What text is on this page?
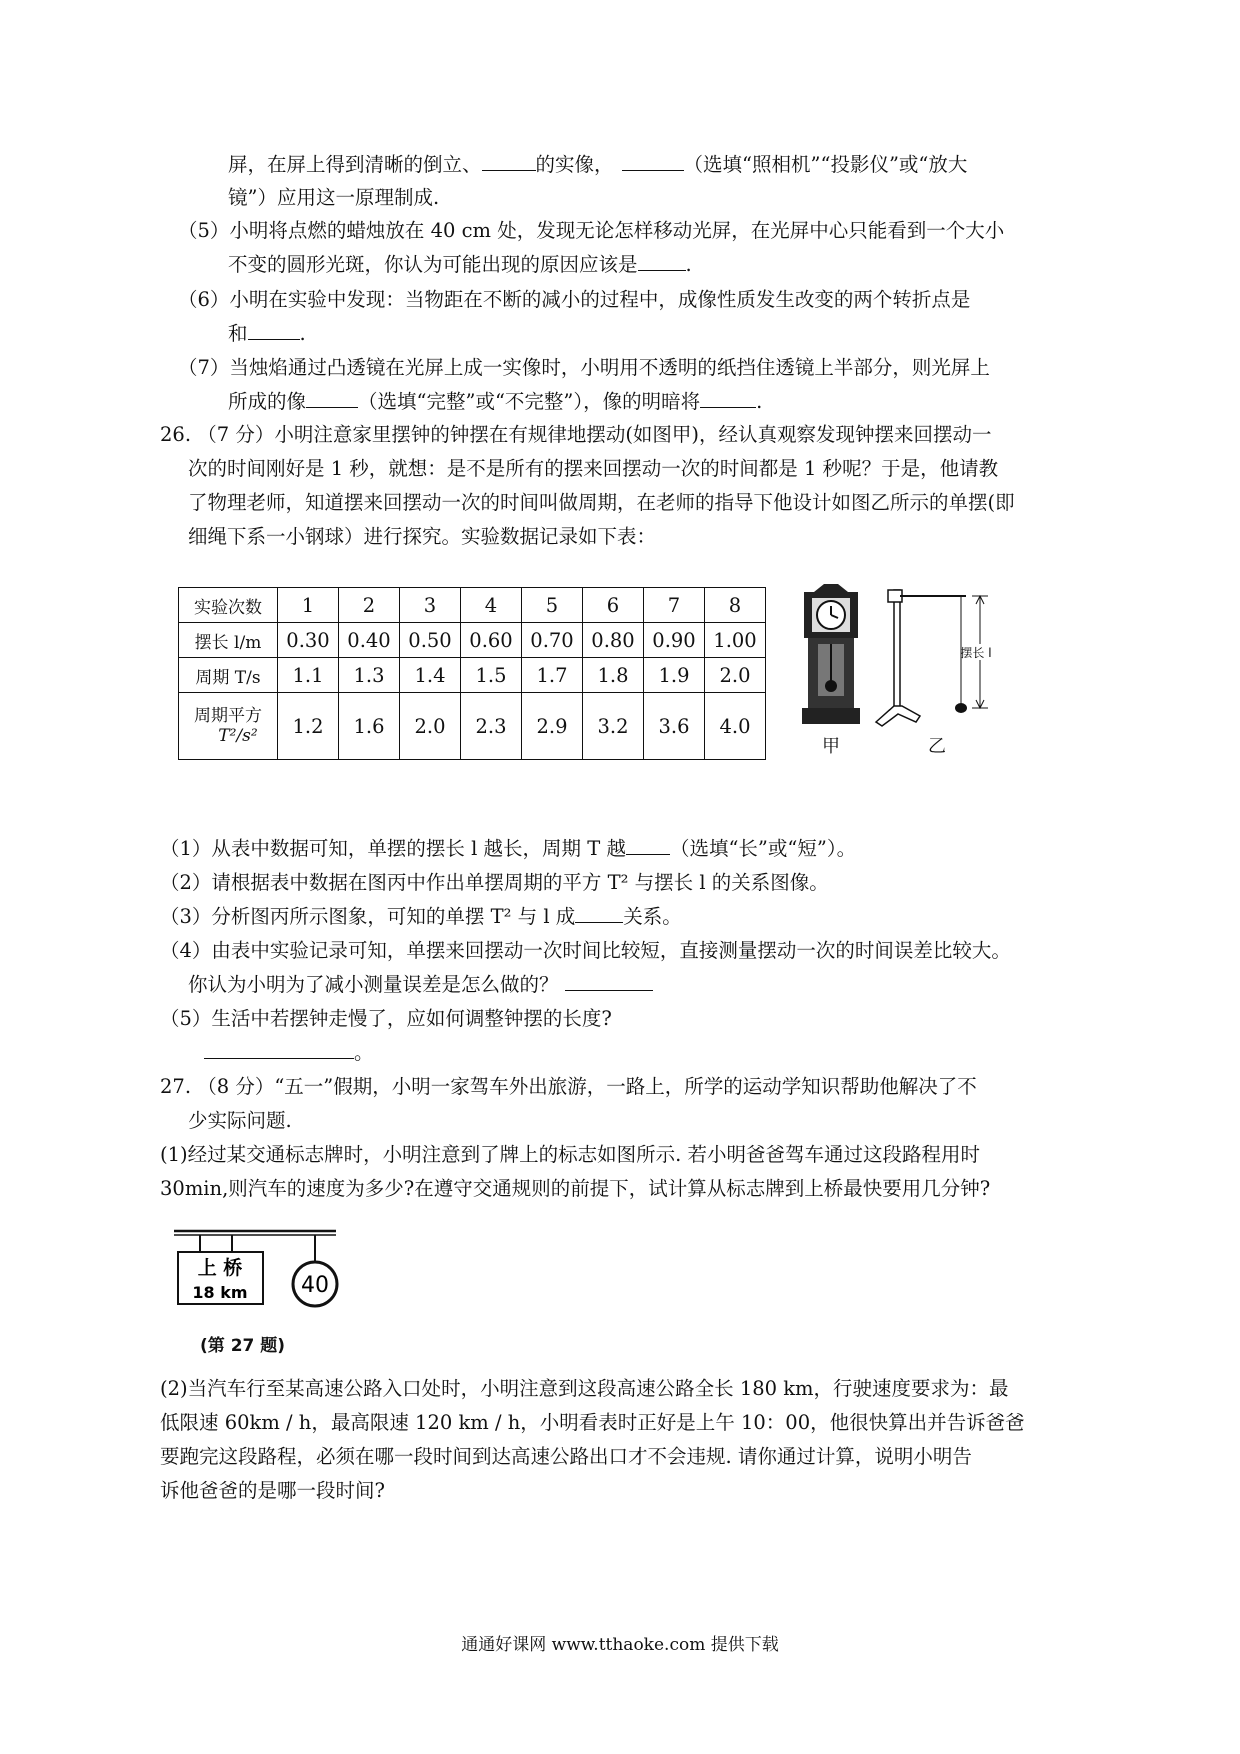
屏，在屏上得到清晰的倒立、	的实像，	（选填“照相机”“投影仪”或“放大
镜”）应用这一原理制成.
（5）小明将点燃的蜡烛放在 40 cm 处，发现无论怎样移动光屏，在光屏中心只能看到一个大小
不变的圆形光斑，你认为可能出现的原因应该是 .
（6）小明在实验中发现：当物距在不断的减小的过程中，成像性质发生改变的两个转折点是
和	.
（7）当烛焰通过凸透镜在光屏上成一实像时，小明用不透明的纸挡住透镜上半部分，则光屏上
所成的像	（选填“完整”或“不完整”），像的明暗将	.
26. （7 分）小明注意家里摆钟的钟摆在有规律地摆动(如图甲)，经认真观察发现钟摆来回摆动一
次的时间刚好是 1 秒，就想：是不是所有的摆来回摆动一次的时间都是 1 秒呢？于是，他请教
了物理老师，知道摆来回摆动一次的时间叫做周期，在老师的指导下他设计如图乙所示的单摆(即
细绳下系一小钢球）进行探究。实验数据记录如下表：
实验次数	1	2	3	4	5	6	7	8
摆长 l/m	0.30	0.40	0.50	0.60	0.70	0.80	0.90	1.00
周期 T/s	1.1	1.3	1.4	1.5	1.7	1.8	1.9	2.0

周期平方
T²/s²	1.2	1.6	2.0	2.3	2.9	3.2	3.6	4.0
摆长 l
甲	乙
（1）从表中数据可知，单摆的摆长 l 越长，周期 T 越 （选填“长”或“短”）。
（2）请根据表中数据在图丙中作出单摆周期的平方 T² 与摆长 l 的关系图像。
（3）分析图丙所示图象，可知的单摆 T² 与 l 成 关系。
（4）由表中实验记录可知，单摆来回摆动一次时间比较短，直接测量摆动一次的时间误差比较大。
你认为小明为了减小测量误差是怎么做的？
（5）生活中若摆钟走慢了，应如何调整钟摆的长度?
。
27. （8 分）“五一”假期，小明一家驾车外出旅游，一路上，所学的运动学知识帮助他解决了不
少实际问题.
(1)经过某交通标志牌时，小明注意到了牌上的标志如图所示. 若小明爸爸驾车通过这段路程用时
30min,则汽车的速度为多少?在遵守交通规则的前提下，试计算从标志牌到上桥最快要用几分钟?
上 桥
18 km 40
(第 27 题)
(2)当汽车行至某高速公路入口处时，小明注意到这段高速公路全长 180 km，行驶速度要求为：最
低限速 60km / h，最高限速 120 km / h，小明看表时正好是上午 10：00，他很快算出并告诉爸爸
要跑完这段路程，必须在哪一段时间到达高速公路出口才不会违规. 请你通过计算，说明小明告
诉他爸爸的是哪一段时间?
通通好课网 www.tthaoke.com 提供下载
